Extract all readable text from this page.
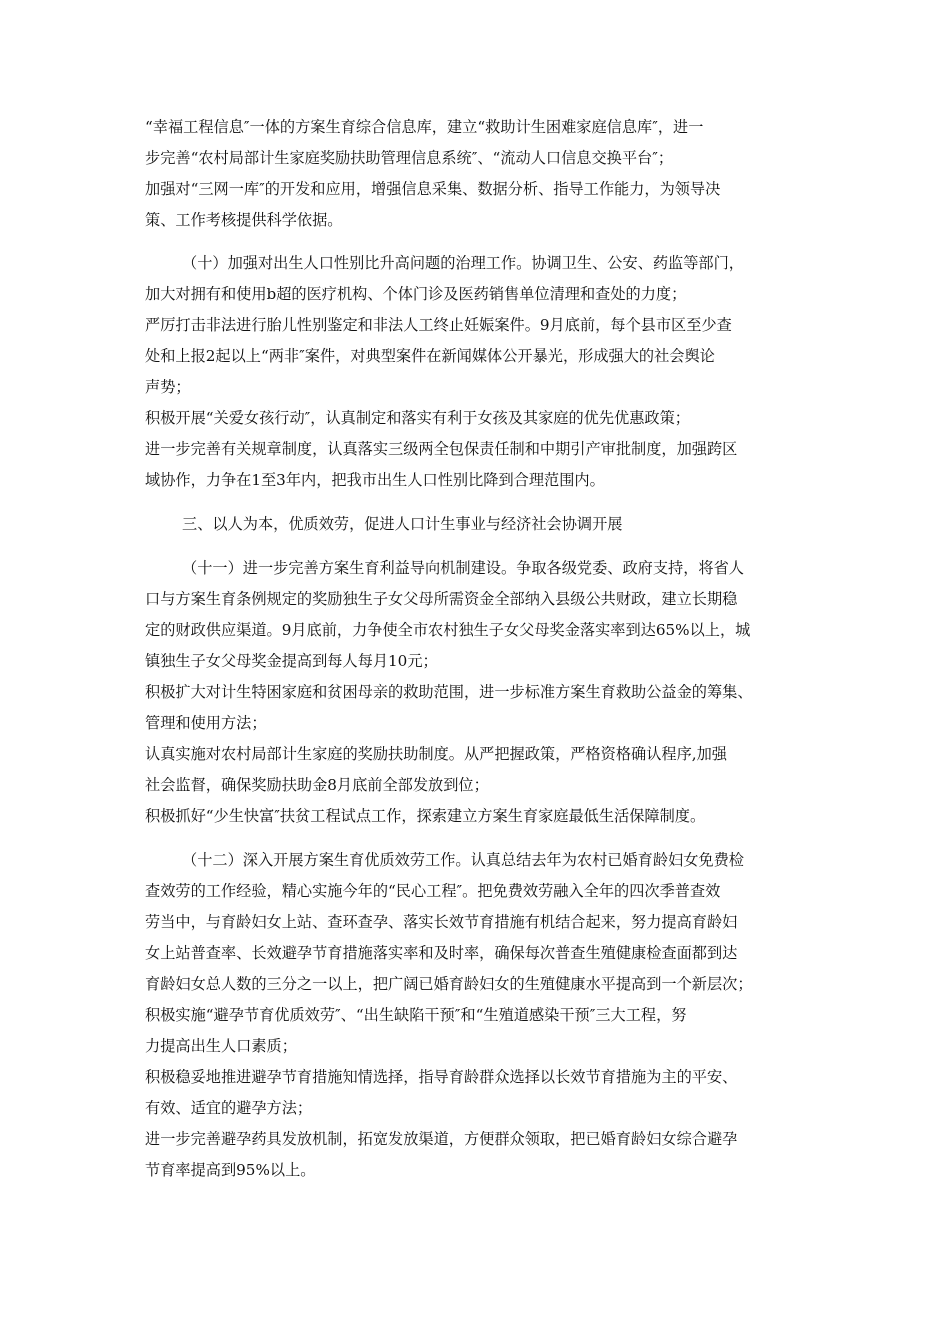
“幸福工程信息″一体的方案生育综合信息库，建立“救助计生困难家庭信息库″，进一
步完善“农村局部计生家庭奖励扶助管理信息系统″、“流动人口信息交换平台″；
加强对“三网一库″的开发和应用，增强信息采集、数据分析、指导工作能力，为领导决
策、工作考核提供科学依据。
（十）加强对出生人口性别比升高问题的治理工作。协调卫生、公安、药监等部门，
加大对拥有和使用b超的医疗机构、个体门诊及医药销售单位清理和查处的力度；
严厉打击非法进行胎儿性别鉴定和非法人工终止妊娠案件。9月底前，每个县市区至少查
处和上报2起以上“两非″案件，对典型案件在新闻媒体公开暴光，形成强大的社会舆论
声势；
积极开展“关爱女孩行动″，认真制定和落实有利于女孩及其家庭的优先优惠政策；
进一步完善有关规章制度，认真落实三级两全包保责任制和中期引产审批制度，加强跨区
域协作，力争在1至3年内，把我市出生人口性别比降到合理范围内。
三、以人为本，优质效劳，促进人口计生事业与经济社会协调开展
（十一）进一步完善方案生育利益导向机制建设。争取各级党委、政府支持，将省人
口与方案生育条例规定的奖励独生子女父母所需资金全部纳入县级公共财政，建立长期稳
定的财政供应渠道。9月底前，力争使全市农村独生子女父母奖金落实率到达65%以上，城
镇独生子女父母奖金提高到每人每月10元；
积极扩大对计生特困家庭和贫困母亲的救助范围，进一步标准方案生育救助公益金的筹集、
管理和使用方法；
认真实施对农村局部计生家庭的奖励扶助制度。从严把握政策，严格资格确认程序,加强
社会监督，确保奖励扶助金8月底前全部发放到位；
积极抓好“少生快富″扶贫工程试点工作，探索建立方案生育家庭最低生活保障制度。
（十二）深入开展方案生育优质效劳工作。认真总结去年为农村已婚育龄妇女免费检
查效劳的工作经验，精心实施今年的“民心工程″。把免费效劳融入全年的四次季普查效
劳当中，与育龄妇女上站、查环查孕、落实长效节育措施有机结合起来，努力提高育龄妇
女上站普查率、长效避孕节育措施落实率和及时率，确保每次普查生殖健康检查面都到达
育龄妇女总人数的三分之一以上，把广阔已婚育龄妇女的生殖健康水平提高到一个新层次；
积极实施“避孕节育优质效劳″、“出生缺陷干预″和“生殖道感染干预″三大工程，努
力提高出生人口素质；
积极稳妥地推进避孕节育措施知情选择，指导育龄群众选择以长效节育措施为主的平安、
有效、适宜的避孕方法；
进一步完善避孕药具发放机制，拓宽发放渠道，方便群众领取，把已婚育龄妇女综合避孕
节育率提高到95%以上。
